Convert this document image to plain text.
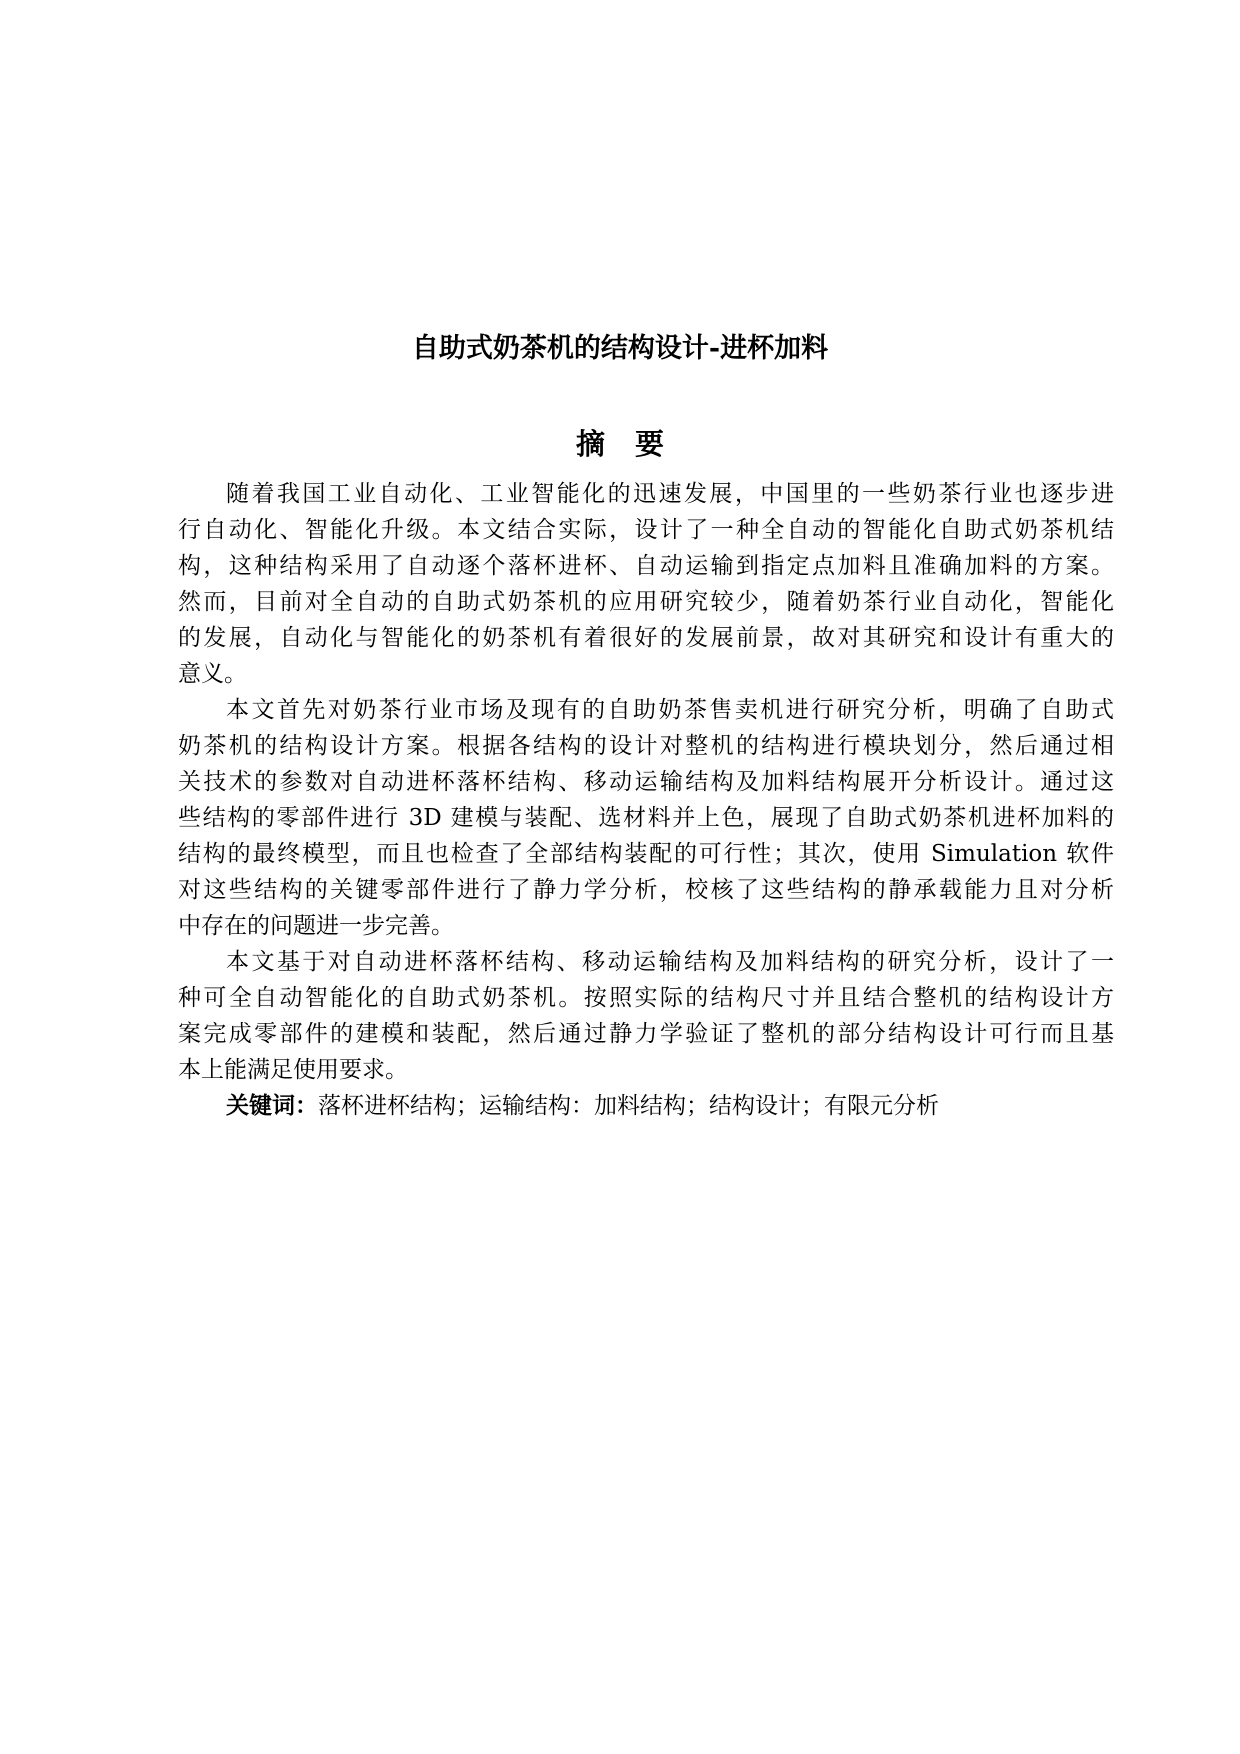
自助式奶茶机的结构设计-进杯加料
摘要
随着我国工业自动化、工业智能化的迅速发展，中国里的一些奶茶行业也逐步进
行自动化、智能化升级。本文结合实际，设计了一种全自动的智能化自助式奶茶机结
构，这种结构采用了自动逐个落杯进杯、自动运输到指定点加料且准确加料的方案。
然而，目前对全自动的自助式奶茶机的应用研究较少，随着奶茶行业自动化，智能化
的发展，自动化与智能化的奶茶机有着很好的发展前景，故对其研究和设计有重大的
意义。
本文首先对奶茶行业市场及现有的自助奶茶售卖机进行研究分析，明确了自助式
奶茶机的结构设计方案。根据各结构的设计对整机的结构进行模块划分，然后通过相
关技术的参数对自动进杯落杯结构、移动运输结构及加料结构展开分析设计。通过这
些结构的零部件进行 3D 建模与装配、选材料并上色，展现了自助式奶茶机进杯加料的
结构的最终模型，而且也检查了全部结构装配的可行性；其次，使用 Simulation 软件
对这些结构的关键零部件进行了静力学分析，校核了这些结构的静承载能力且对分析
中存在的问题进一步完善。
本文基于对自动进杯落杯结构、移动运输结构及加料结构的研究分析，设计了一
种可全自动智能化的自助式奶茶机。按照实际的结构尺寸并且结合整机的结构设计方
案完成零部件的建模和装配，然后通过静力学验证了整机的部分结构设计可行而且基
本上能满足使用要求。
关键词：落杯进杯结构；运输结构：加料结构；结构设计；有限元分析
